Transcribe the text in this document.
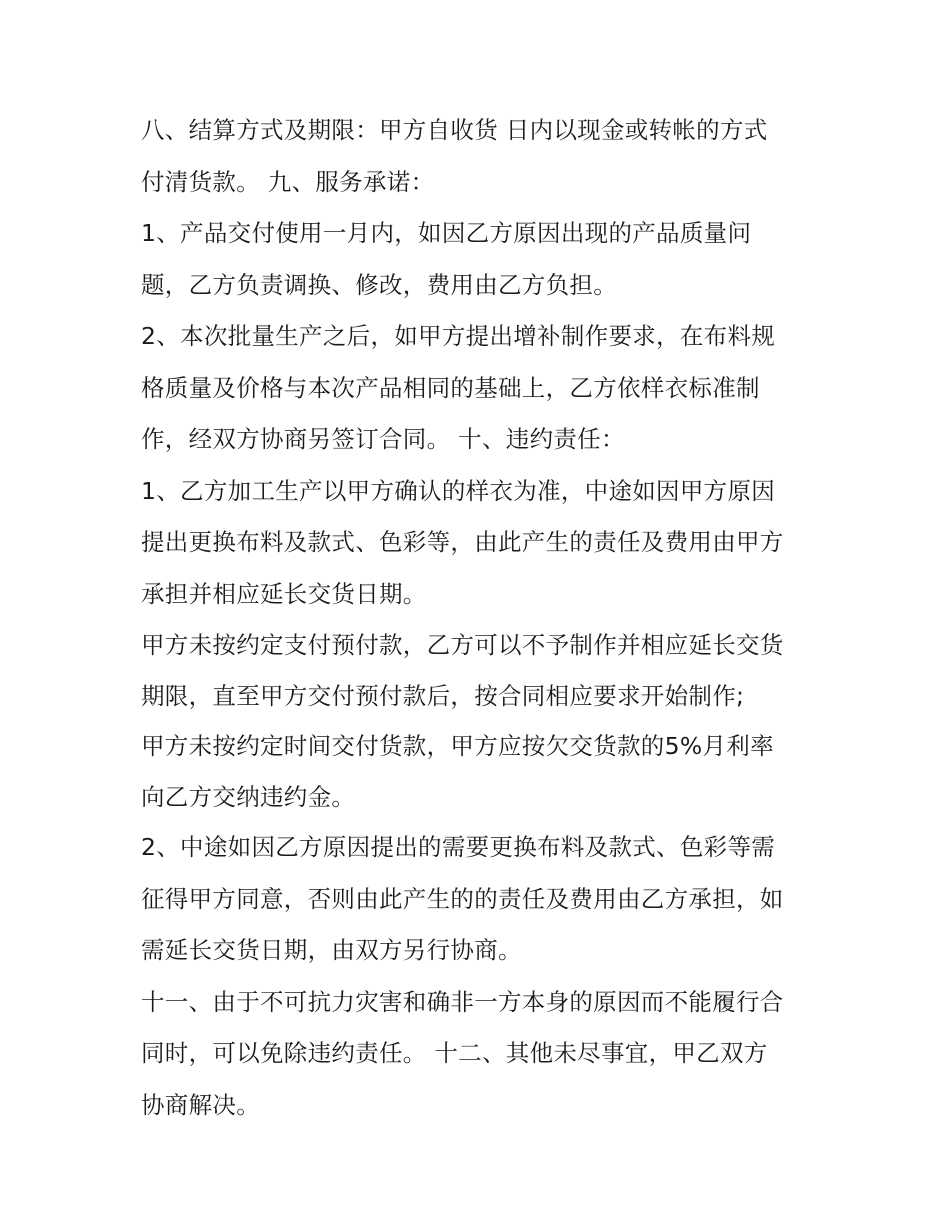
八、结算方式及期限：甲方自收货 日内以现金或转帐的方式
付清货款。 九、服务承诺：

1、产品交付使用一月内，如因乙方原因出现的产品质量问
题，乙方负责调换、修改，费用由乙方负担。

2、本次批量生产之后，如甲方提出增补制作要求，在布料规
格质量及价格与本次产品相同的基础上，乙方依样衣标准制
作，经双方协商另签订合同。 十、违约责任：

1、乙方加工生产以甲方确认的样衣为准，中途如因甲方原因
提出更换布料及款式、色彩等，由此产生的责任及费用由甲方
承担并相应延长交货日期。

甲方未按约定支付预付款，乙方可以不予制作并相应延长交货
期限，直至甲方交付预付款后，按合同相应要求开始制作;

甲方未按约定时间交付货款，甲方应按欠交货款的5%月利率
向乙方交纳违约金。

2、中途如因乙方原因提出的需要更换布料及款式、色彩等需
征得甲方同意，否则由此产生的的责任及费用由乙方承担，如
需延长交货日期，由双方另行协商。

十一、由于不可抗力灾害和确非一方本身的原因而不能履行合
同时，可以免除违约责任。 十二、其他未尽事宜，甲乙双方
协商解决。
